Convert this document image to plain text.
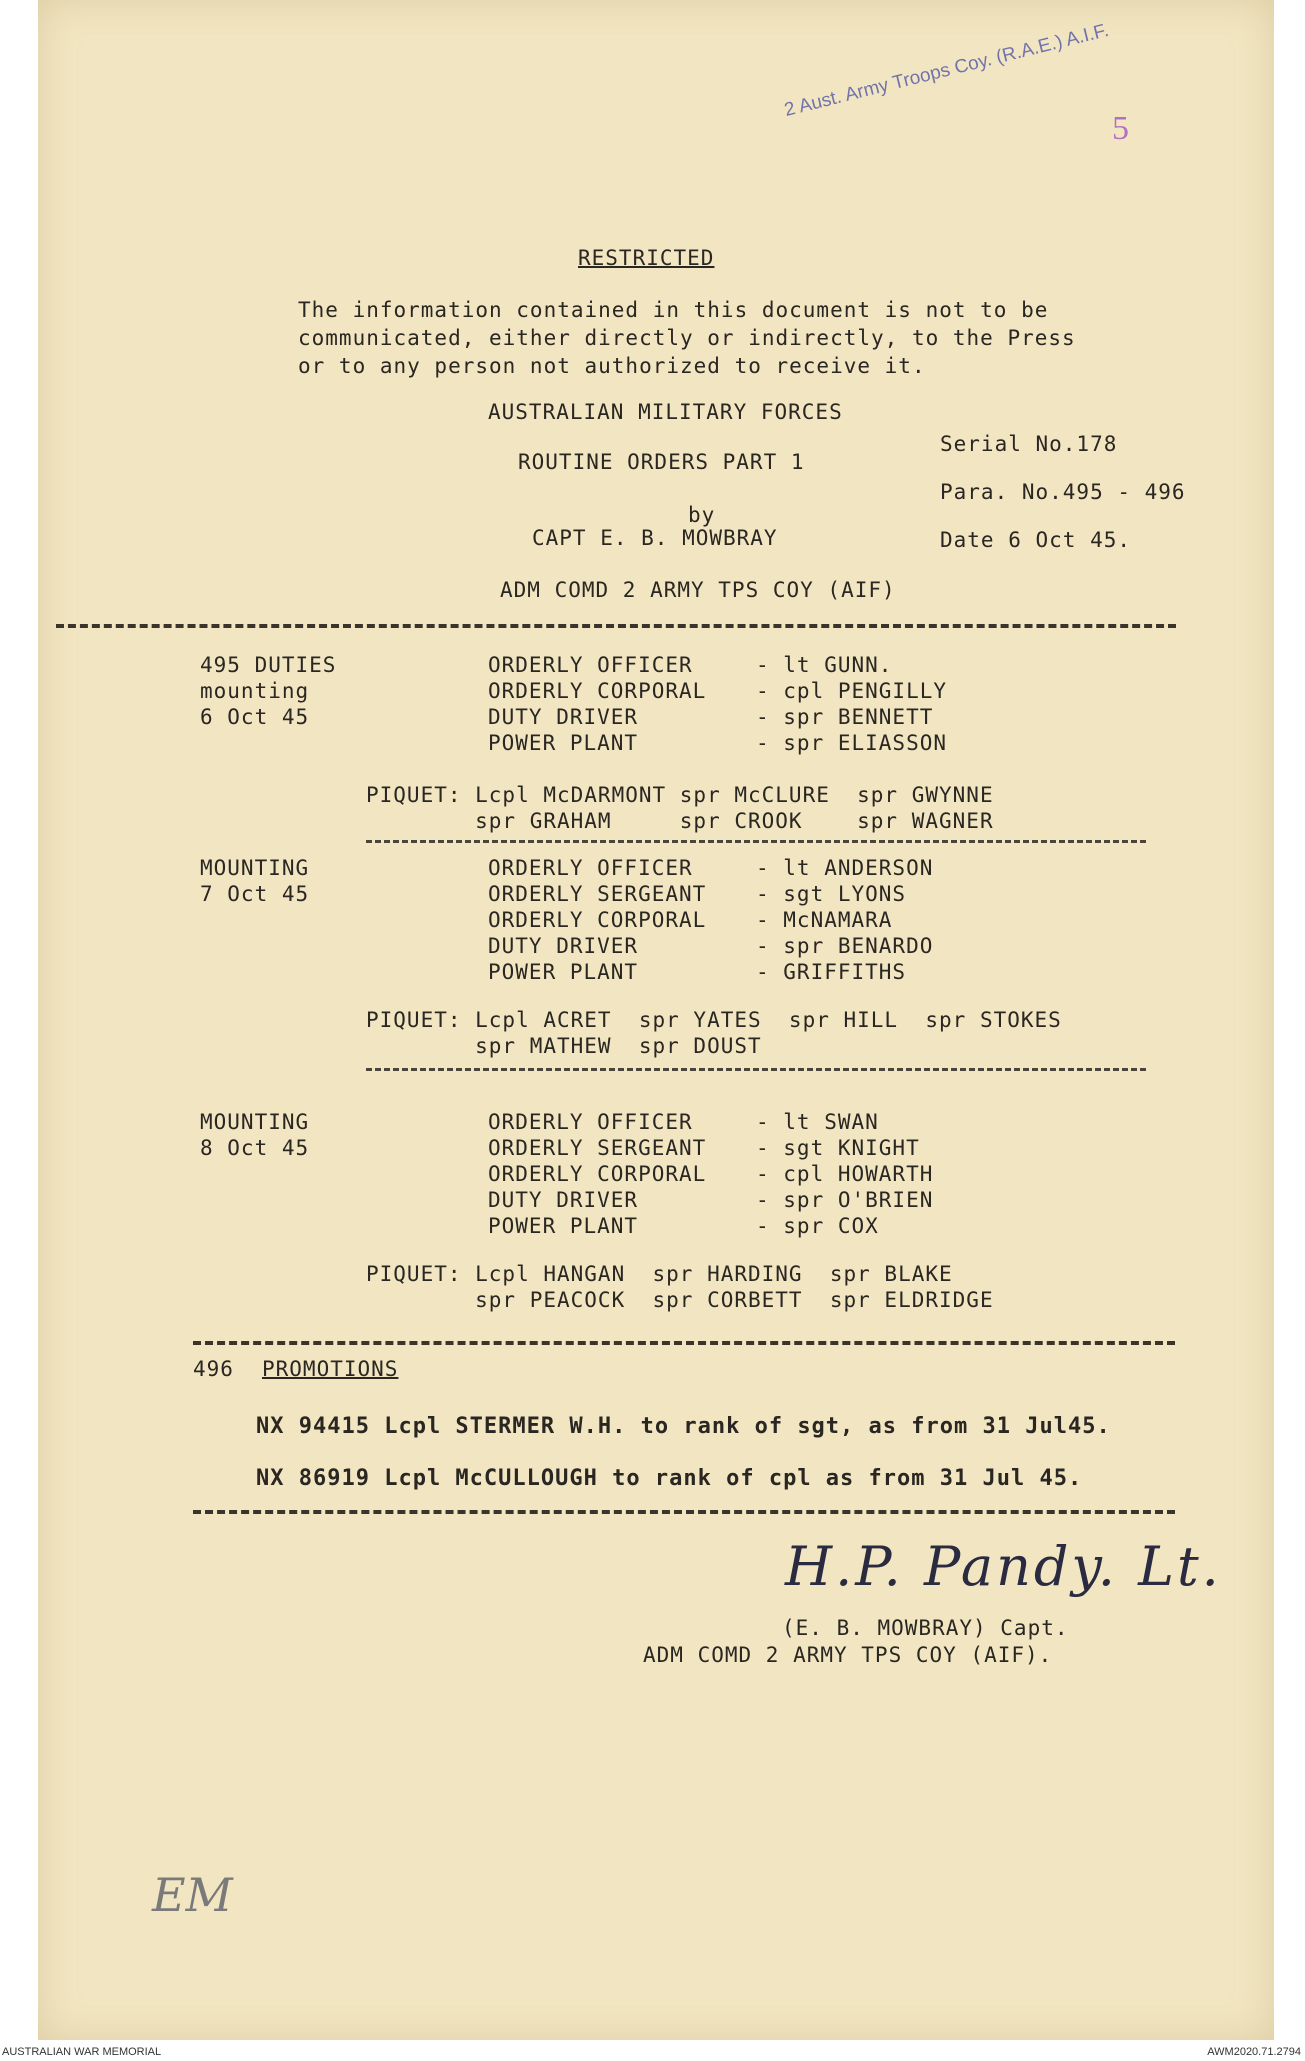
2 Aust. Army Troops Coy. (R.A.E.) A.I.F.
5
RESTRICTED
The information contained in this document is not to be
communicated, either directly or indirectly, to the Press
or to any person not authorized to receive it.
AUSTRALIAN MILITARY FORCES
ROUTINE ORDERS PART 1
by
CAPT E. B. MOWBRAY
ADM COMD 2 ARMY TPS COY (AIF)
Serial No.178
Para. No.495 - 496
Date 6 Oct 45.
495 DUTIES
mounting
6 Oct 45
ORDERLY OFFICER	- lt GUNN.
ORDERLY CORPORAL - cpl PENGILLY
DUTY DRIVER	- spr BENNETT
POWER PLANT	- spr ELIASSON
PIQUET: Lcpl McDARMONT spr McCLURE  spr GWYNNE
spr GRAHAM     spr CROOK    spr WAGNER
MOUNTING
7 Oct 45
ORDERLY OFFICER	- lt ANDERSON
ORDERLY SERGEANT - sgt LYONS
ORDERLY CORPORAL - McNAMARA
DUTY DRIVER	- spr BENARDO
POWER PLANT	- GRIFFITHS
PIQUET: Lcpl ACRET  spr YATES  spr HILL  spr STOKES
spr MATHEW  spr DOUST
MOUNTING
8 Oct 45
ORDERLY OFFICER	- lt SWAN
ORDERLY SERGEANT - sgt KNIGHT
ORDERLY CORPORAL - cpl HOWARTH
DUTY DRIVER	- spr O'BRIEN
POWER PLANT	- spr COX
PIQUET: Lcpl HANGAN  spr HARDING  spr BLAKE
spr PEACOCK  spr CORBETT  spr ELDRIDGE
496 PROMOTIONS
NX 94415 Lcpl STERMER W.H. to rank of sgt, as from 31 Jul45.
NX 86919 Lcpl McCULLOUGH to rank of cpl as from 31 Jul 45.
H.P. Pandy. Lt.
(E. B. MOWBRAY) Capt.
ADM COMD 2 ARMY TPS COY (AIF).
EM
AUSTRALIAN WAR MEMORIAL	AWM2020.71.2794
